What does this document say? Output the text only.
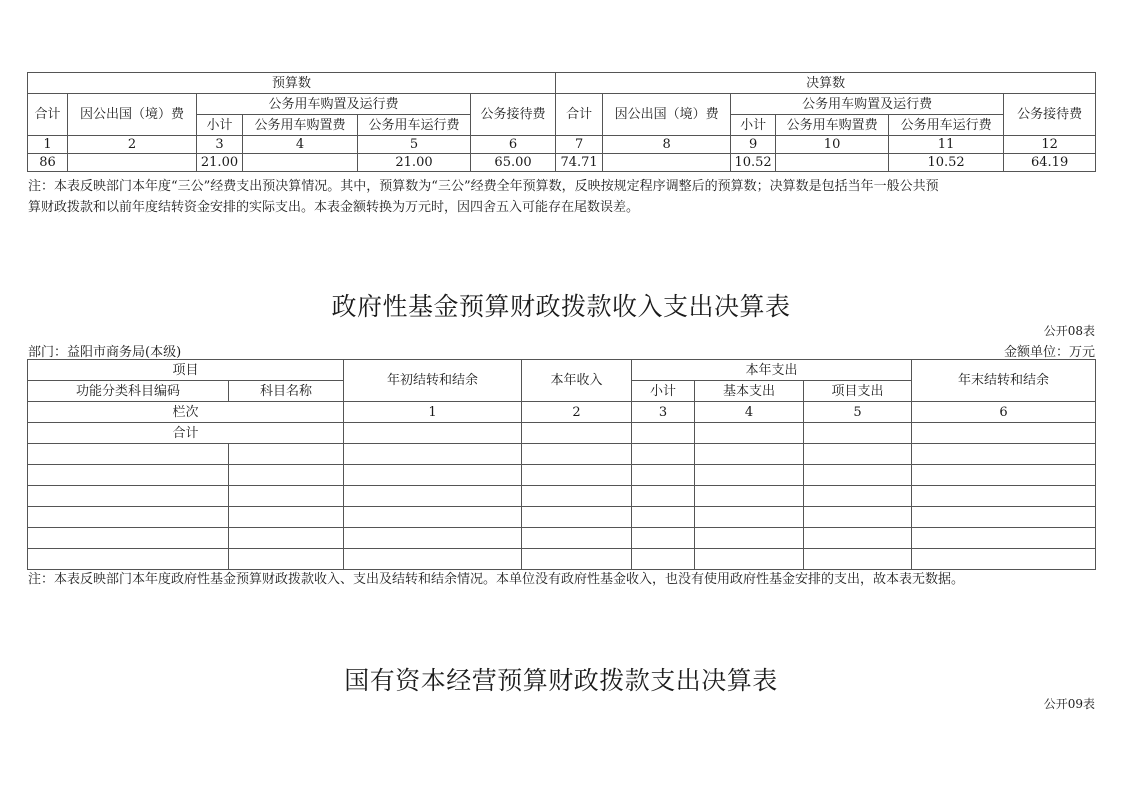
预算数						决算数					
合计	因公出国（境）费	公务用车购置及运行费			公务接待费	合计	因公出国（境）费	公务用车购置及运行费			公务接待费
		小计	公务用车购置费	公务用车运行费				小计	公务用车购置费	公务用车运行费	
1	2	3	4	5	6	7	8	9	10	11	12
86		21.00		21.00	65.00	74.71		10.52		10.52	64.19
注：本表反映部门本年度“三公”经费支出预决算情况。其中，预算数为“三公”经费全年预算数，反映按规定程序调整后的预算数；决算数是包括当年一般公共预
算财政拨款和以前年度结转资金安排的实际支出。本表金额转换为万元时，因四舍五入可能存在尾数误差。
政府性基金预算财政拨款收入支出决算表
公开08表
部门：益阳市商务局(本级)	金额单位：万元
项目		年初结转和结余	本年收入	本年支出			年末结转和结余
功能分类科目编码	科目名称			小计	基本支出	项目支出	
栏次		1	2	3	4	5	6
合计							

注：本表反映部门本年度政府性基金预算财政拨款收入、支出及结转和结余情况。本单位没有政府性基金收入，也没有使用政府性基金安排的支出，故本表无数据。
国有资本经营预算财政拨款支出决算表
公开09表
